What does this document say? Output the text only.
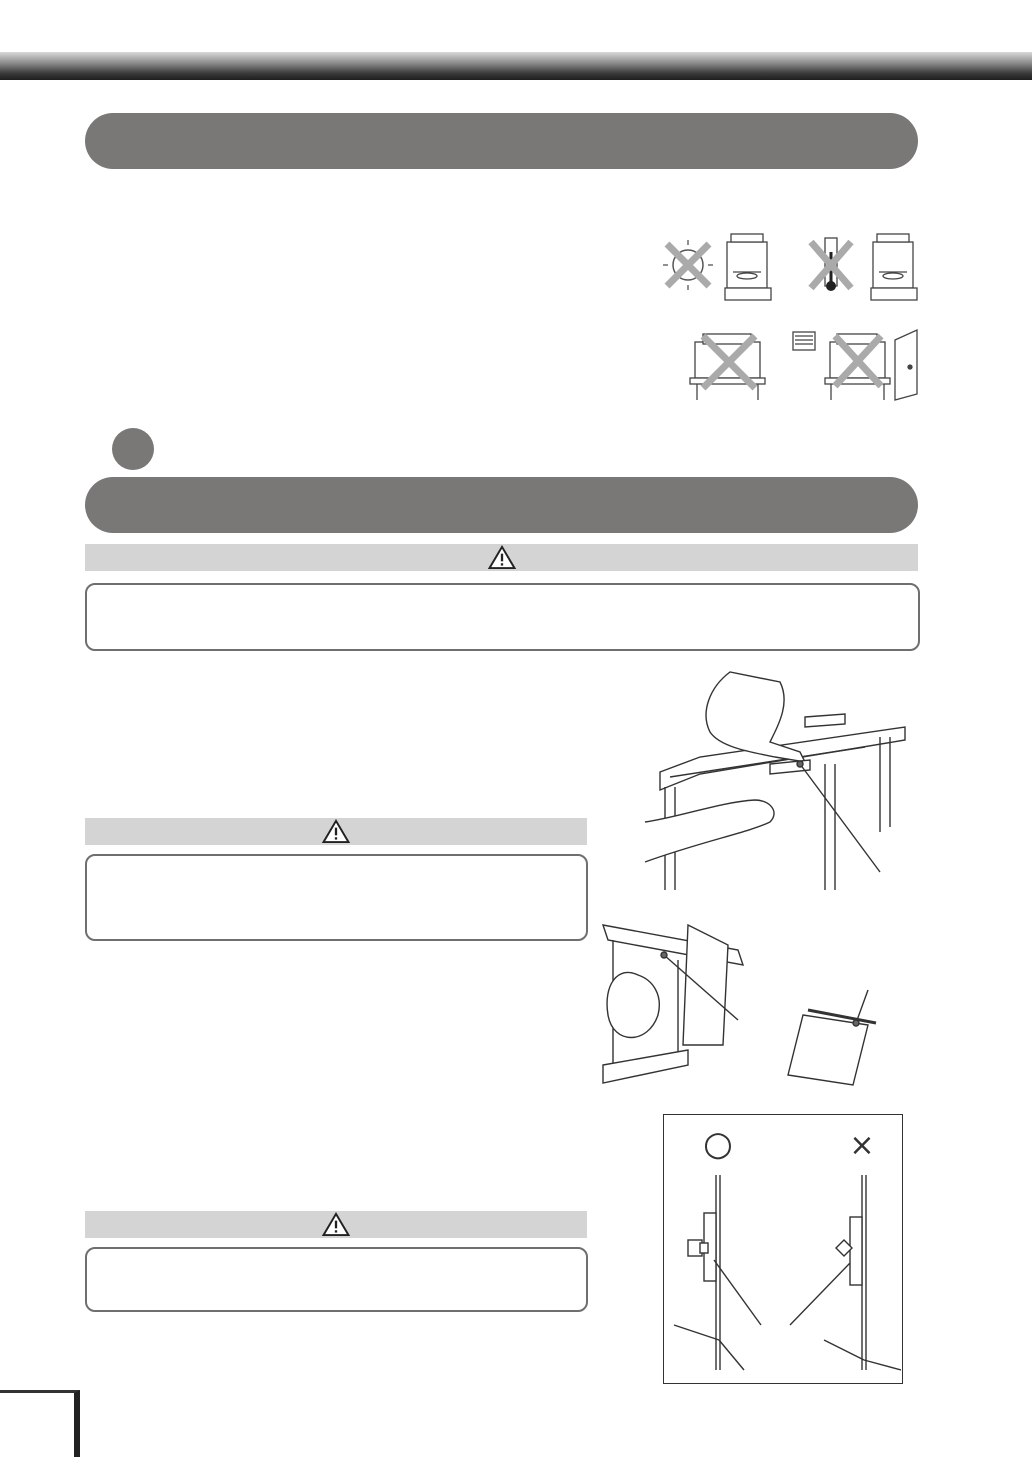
○	×
